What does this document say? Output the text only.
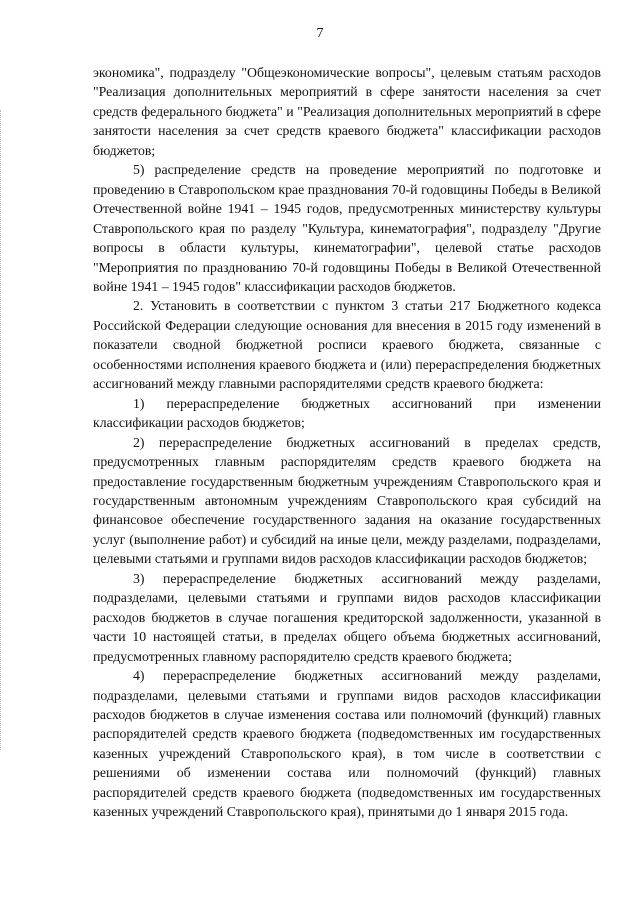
7

экономика", подразделу "Общеэкономические вопросы", целевым статьям расходов "Реализация дополнительных мероприятий в сфере занятости населения за счет средств федерального бюджета" и "Реализация дополнительных мероприятий в сфере занятости населения за счет средств краевого бюджета" классификации расходов бюджетов;

5) распределение средств на проведение мероприятий по подготовке и проведению в Ставропольском крае празднования 70-й годовщины Победы в Великой Отечественной войне 1941 – 1945 годов, предусмотренных министерству культуры Ставропольского края по разделу "Культура, кинематография", подразделу "Другие вопросы в области культуры, кинематографии", целевой статье расходов "Мероприятия по празднованию 70-й годовщины Победы в Великой Отечественной войне 1941 – 1945 годов" классификации расходов бюджетов.

2. Установить в соответствии с пунктом 3 статьи 217 Бюджетного кодекса Российской Федерации следующие основания для внесения в 2015 году изменений в показатели сводной бюджетной росписи краевого бюджета, связанные с особенностями исполнения краевого бюджета и (или) перераспределения бюджетных ассигнований между главными распорядителями средств краевого бюджета:

1) перераспределение бюджетных ассигнований при изменении классификации расходов бюджетов;

2) перераспределение бюджетных ассигнований в пределах средств, предусмотренных главным распорядителям средств краевого бюджета на предоставление государственным бюджетным учреждениям Ставропольского края и государственным автономным учреждениям Ставропольского края субсидий на финансовое обеспечение государственного задания на оказание государственных услуг (выполнение работ) и субсидий на иные цели, между разделами, подразделами, целевыми статьями и группами видов расходов классификации расходов бюджетов;

3) перераспределение бюджетных ассигнований между разделами, подразделами, целевыми статьями и группами видов расходов классификации расходов бюджетов в случае погашения кредиторской задолженности, указанной в части 10 настоящей статьи, в пределах общего объема бюджетных ассигнований, предусмотренных главному распорядителю средств краевого бюджета;

4) перераспределение бюджетных ассигнований между разделами, подразделами, целевыми статьями и группами видов расходов классификации расходов бюджетов в случае изменения состава или полномочий (функций) главных распорядителей средств краевого бюджета (подведомственных им государственных казенных учреждений Ставропольского края), в том числе в соответствии с решениями об изменении состава или полномочий (функций) главных распорядителей средств краевого бюджета (подведомственных им государственных казенных учреждений Ставропольского края), принятыми до 1 января 2015 года.
